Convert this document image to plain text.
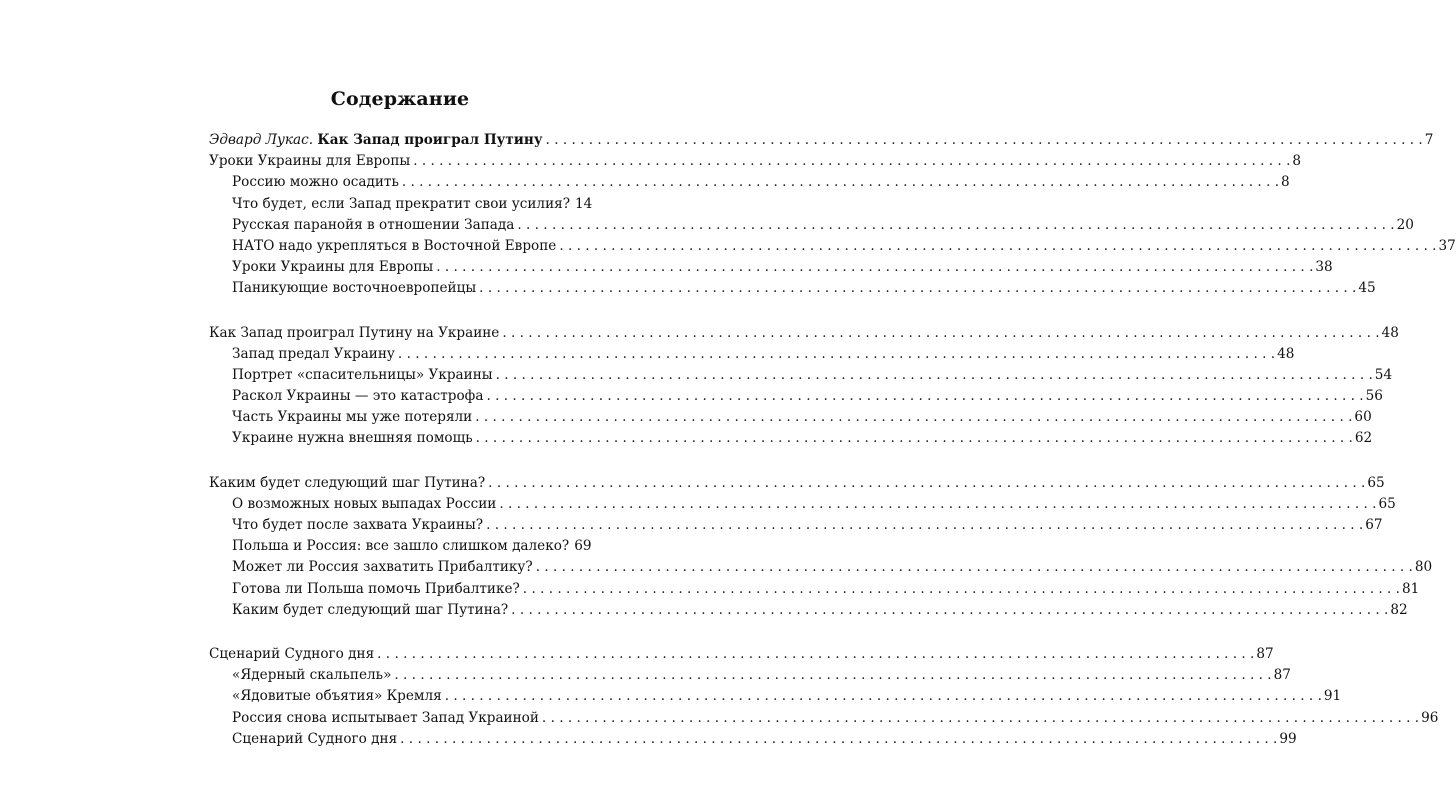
Содержание
Эдвард Лукас. Как Запад проиграл Путину . . .	7
Уроки Украины для Европы . . .	8
Россию можно осадить . . .	8
Что будет, если Запад прекратит свои усилия? 14
Русская паранойя в отношении Запада . . .	20
НАТО надо укрепляться в Восточной Европе . . .	37
Уроки Украины для Европы . . .	38
Паникующие восточноевропейцы . . .	45
Как Запад проиграл Путину на Украине . . .	48
Запад предал Украину . . .	48
Портрет «спасительницы» Украины . . .	54
Раскол Украины — это катастрофа . . .	56
Часть Украины мы уже потеряли . . .	60
Украине нужна внешняя помощь . . .	62
Каким будет следующий шаг Путина? . . .	65
О возможных новых выпадах России . . .	65
Что будет после захвата Украины? . . .	67
Польша и Россия: все зашло слишком далеко? 69
Может ли Россия захватить Прибалтику? . . .	80
Готова ли Польша помочь Прибалтике? . . .	81
Каким будет следующий шаг Путина? . . .	82
Сценарий Судного дня . . .	87
«Ядерный скальпель» . . .	87
«Ядовитые объятия» Кремля . . .	91
Россия снова испытывает Запад Украиной . . .	96
Сценарий Судного дня . . .	99
